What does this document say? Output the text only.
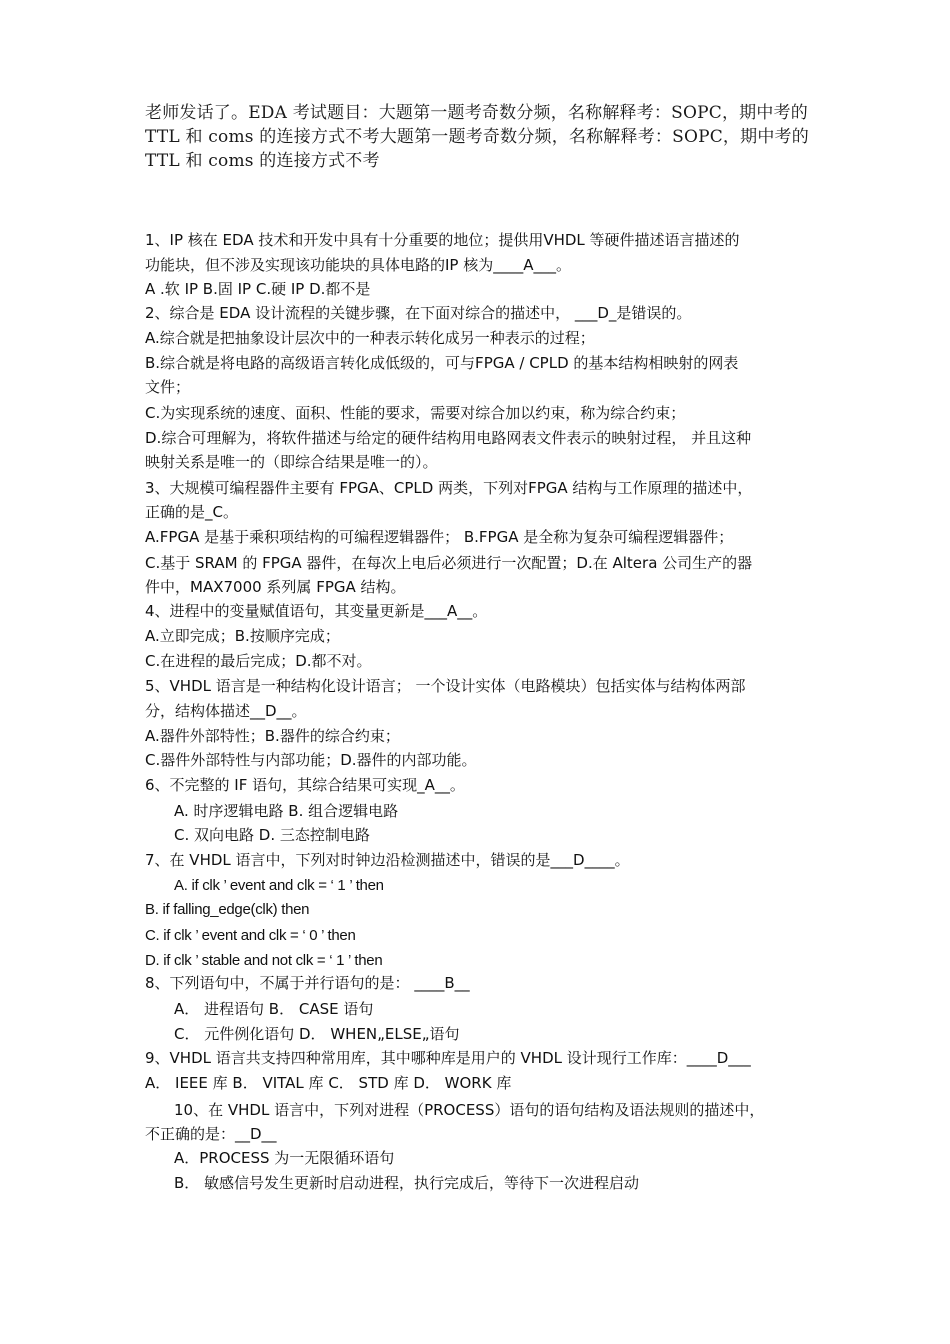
老师发话了。EDA 考试题目：大题第一题考奇数分频，名称解释考：SOPC，期中考的 TTL 和 coms 的连接方式不考大题第一题考奇数分频，名称解释考：SOPC，期中考的 TTL 和 coms 的连接方式不考

1、IP 核在 EDA 技术和开发中具有十分重要的地位；提供用VHDL 等硬件描述语言描述的
功能块，但不涉及实现该功能块的具体电路的IP 核为____A___。
A .软 IP B.固 IP C.硬 IP D.都不是
2、综合是 EDA 设计流程的关键步骤，在下面对综合的描述中， ___D_是错误的。
A.综合就是把抽象设计层次中的一种表示转化成另一种表示的过程；
B.综合就是将电路的高级语言转化成低级的，可与FPGA / CPLD 的基本结构相映射的网表
文件；
C.为实现系统的速度、面积、性能的要求，需要对综合加以约束，称为综合约束；
D.综合可理解为，将软件描述与给定的硬件结构用电路网表文件表示的映射过程， 并且这种
映射关系是唯一的（即综合结果是唯一的）。
3、大规模可编程器件主要有 FPGA、CPLD 两类，下列对FPGA 结构与工作原理的描述中，
正确的是_C。
A.FPGA 是基于乘积项结构的可编程逻辑器件； B.FPGA 是全称为复杂可编程逻辑器件；
C.基于 SRAM 的 FPGA 器件，在每次上电后必须进行一次配置；D.在 Altera 公司生产的器
件中，MAX7000 系列属 FPGA 结构。
4、进程中的变量赋值语句，其变量更新是___A__。
A.立即完成；B.按顺序完成；
C.在进程的最后完成；D.都不对。
5、VHDL 语言是一种结构化设计语言； 一个设计实体（电路模块）包括实体与结构体两部
分，结构体描述__D__。
A.器件外部特性；B.器件的综合约束；
C.器件外部特性与内部功能；D.器件的内部功能。
6、不完整的 IF 语句，其综合结果可实现_A__。
A. 时序逻辑电路 B. 组合逻辑电路
C. 双向电路 D. 三态控制电路
7、在 VHDL 语言中，下列对时钟边沿检测描述中，错误的是___D____。
A. if clk ’ event and clk = ‘ 1 ’ then
B. if falling_edge(clk) then
C. if clk ’ event and clk = ‘ 0 ’ then
D. if clk ’ stable and not clk = ‘ 1 ’ then
8、下列语句中，不属于并行语句的是： ____B__
A． 进程语句 B． CASE 语句
C． 元件例化语句 D． WHEN„ELSE„语句
9、VHDL 语言共支持四种常用库，其中哪种库是用户的 VHDL 设计现行工作库：____D___
A． IEEE 库 B． VITAL 库 C． STD 库 D． WORK 库
10、在 VHDL 语言中，下列对进程（PROCESS）语句的语句结构及语法规则的描述中，
不正确的是：__D__
A．PROCESS 为一无限循环语句
B． 敏感信号发生更新时启动进程，执行完成后，等待下一次进程启动
